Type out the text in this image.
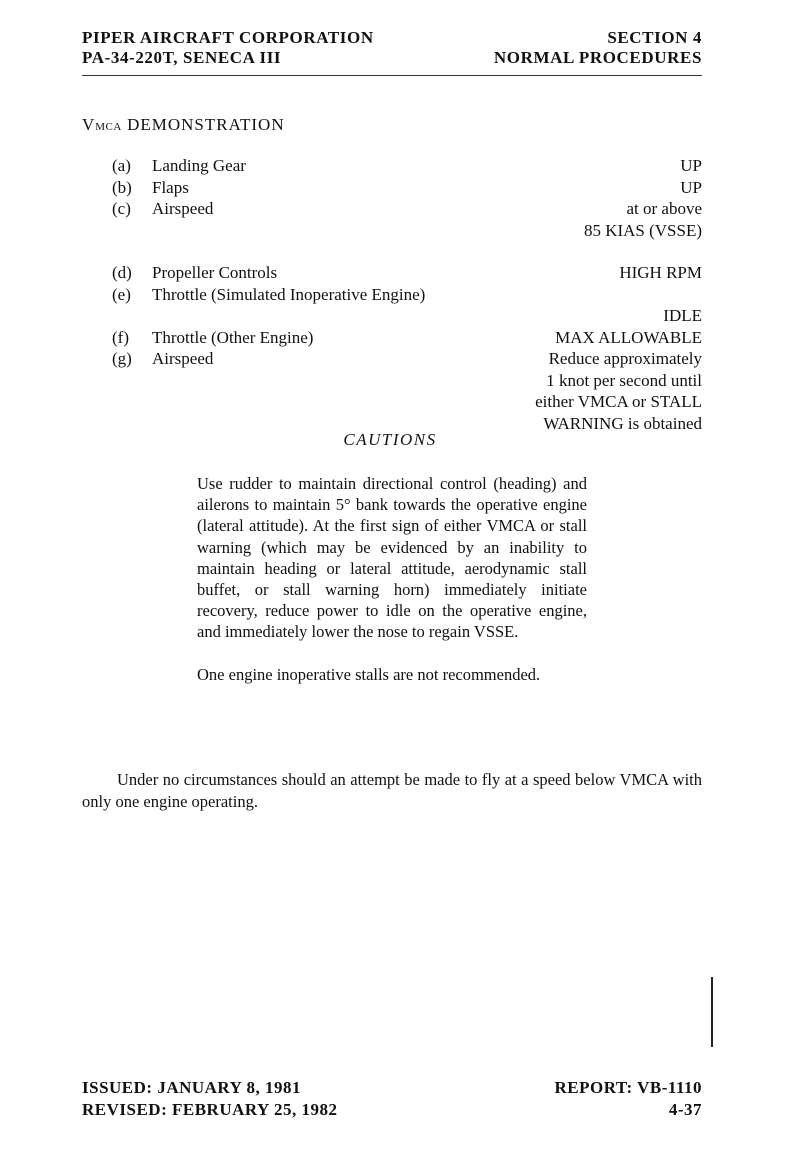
PIPER AIRCRAFT CORPORATION
PA-34-220T, SENECA III
SECTION 4
NORMAL PROCEDURES
VMCA DEMONSTRATION
(a)	Landing Gear	UP
(b)	Flaps	UP
(c)	Airspeed	at or above
85 KIAS (VSSE)
(d)	Propeller Controls	HIGH RPM
(e)	Throttle (Simulated Inoperative Engine)

IDLE
(f)	Throttle (Other Engine)	MAX ALLOWABLE
(g)	Airspeed	Reduce approximately
1 knot per second until
either VMCA or STALL
WARNING is obtained
CAUTIONS

Use rudder to maintain directional control (heading) and ailerons to maintain 5° bank towards the operative engine (lateral attitude). At the first sign of either VMCA or stall warning (which may be evidenced by an inability to maintain heading or lateral attitude, aerodynamic stall buffet, or stall warning horn) immediately initiate recovery, reduce power to idle on the operative engine, and immediately lower the nose to regain VSSE.

One engine inoperative stalls are not recommended.

Under no circumstances should an attempt be made to fly at a speed below VMCA with only one engine operating.
ISSUED: JANUARY 8, 1981
REVISED: FEBRUARY 25, 1982
REPORT: VB-1110
4-37
